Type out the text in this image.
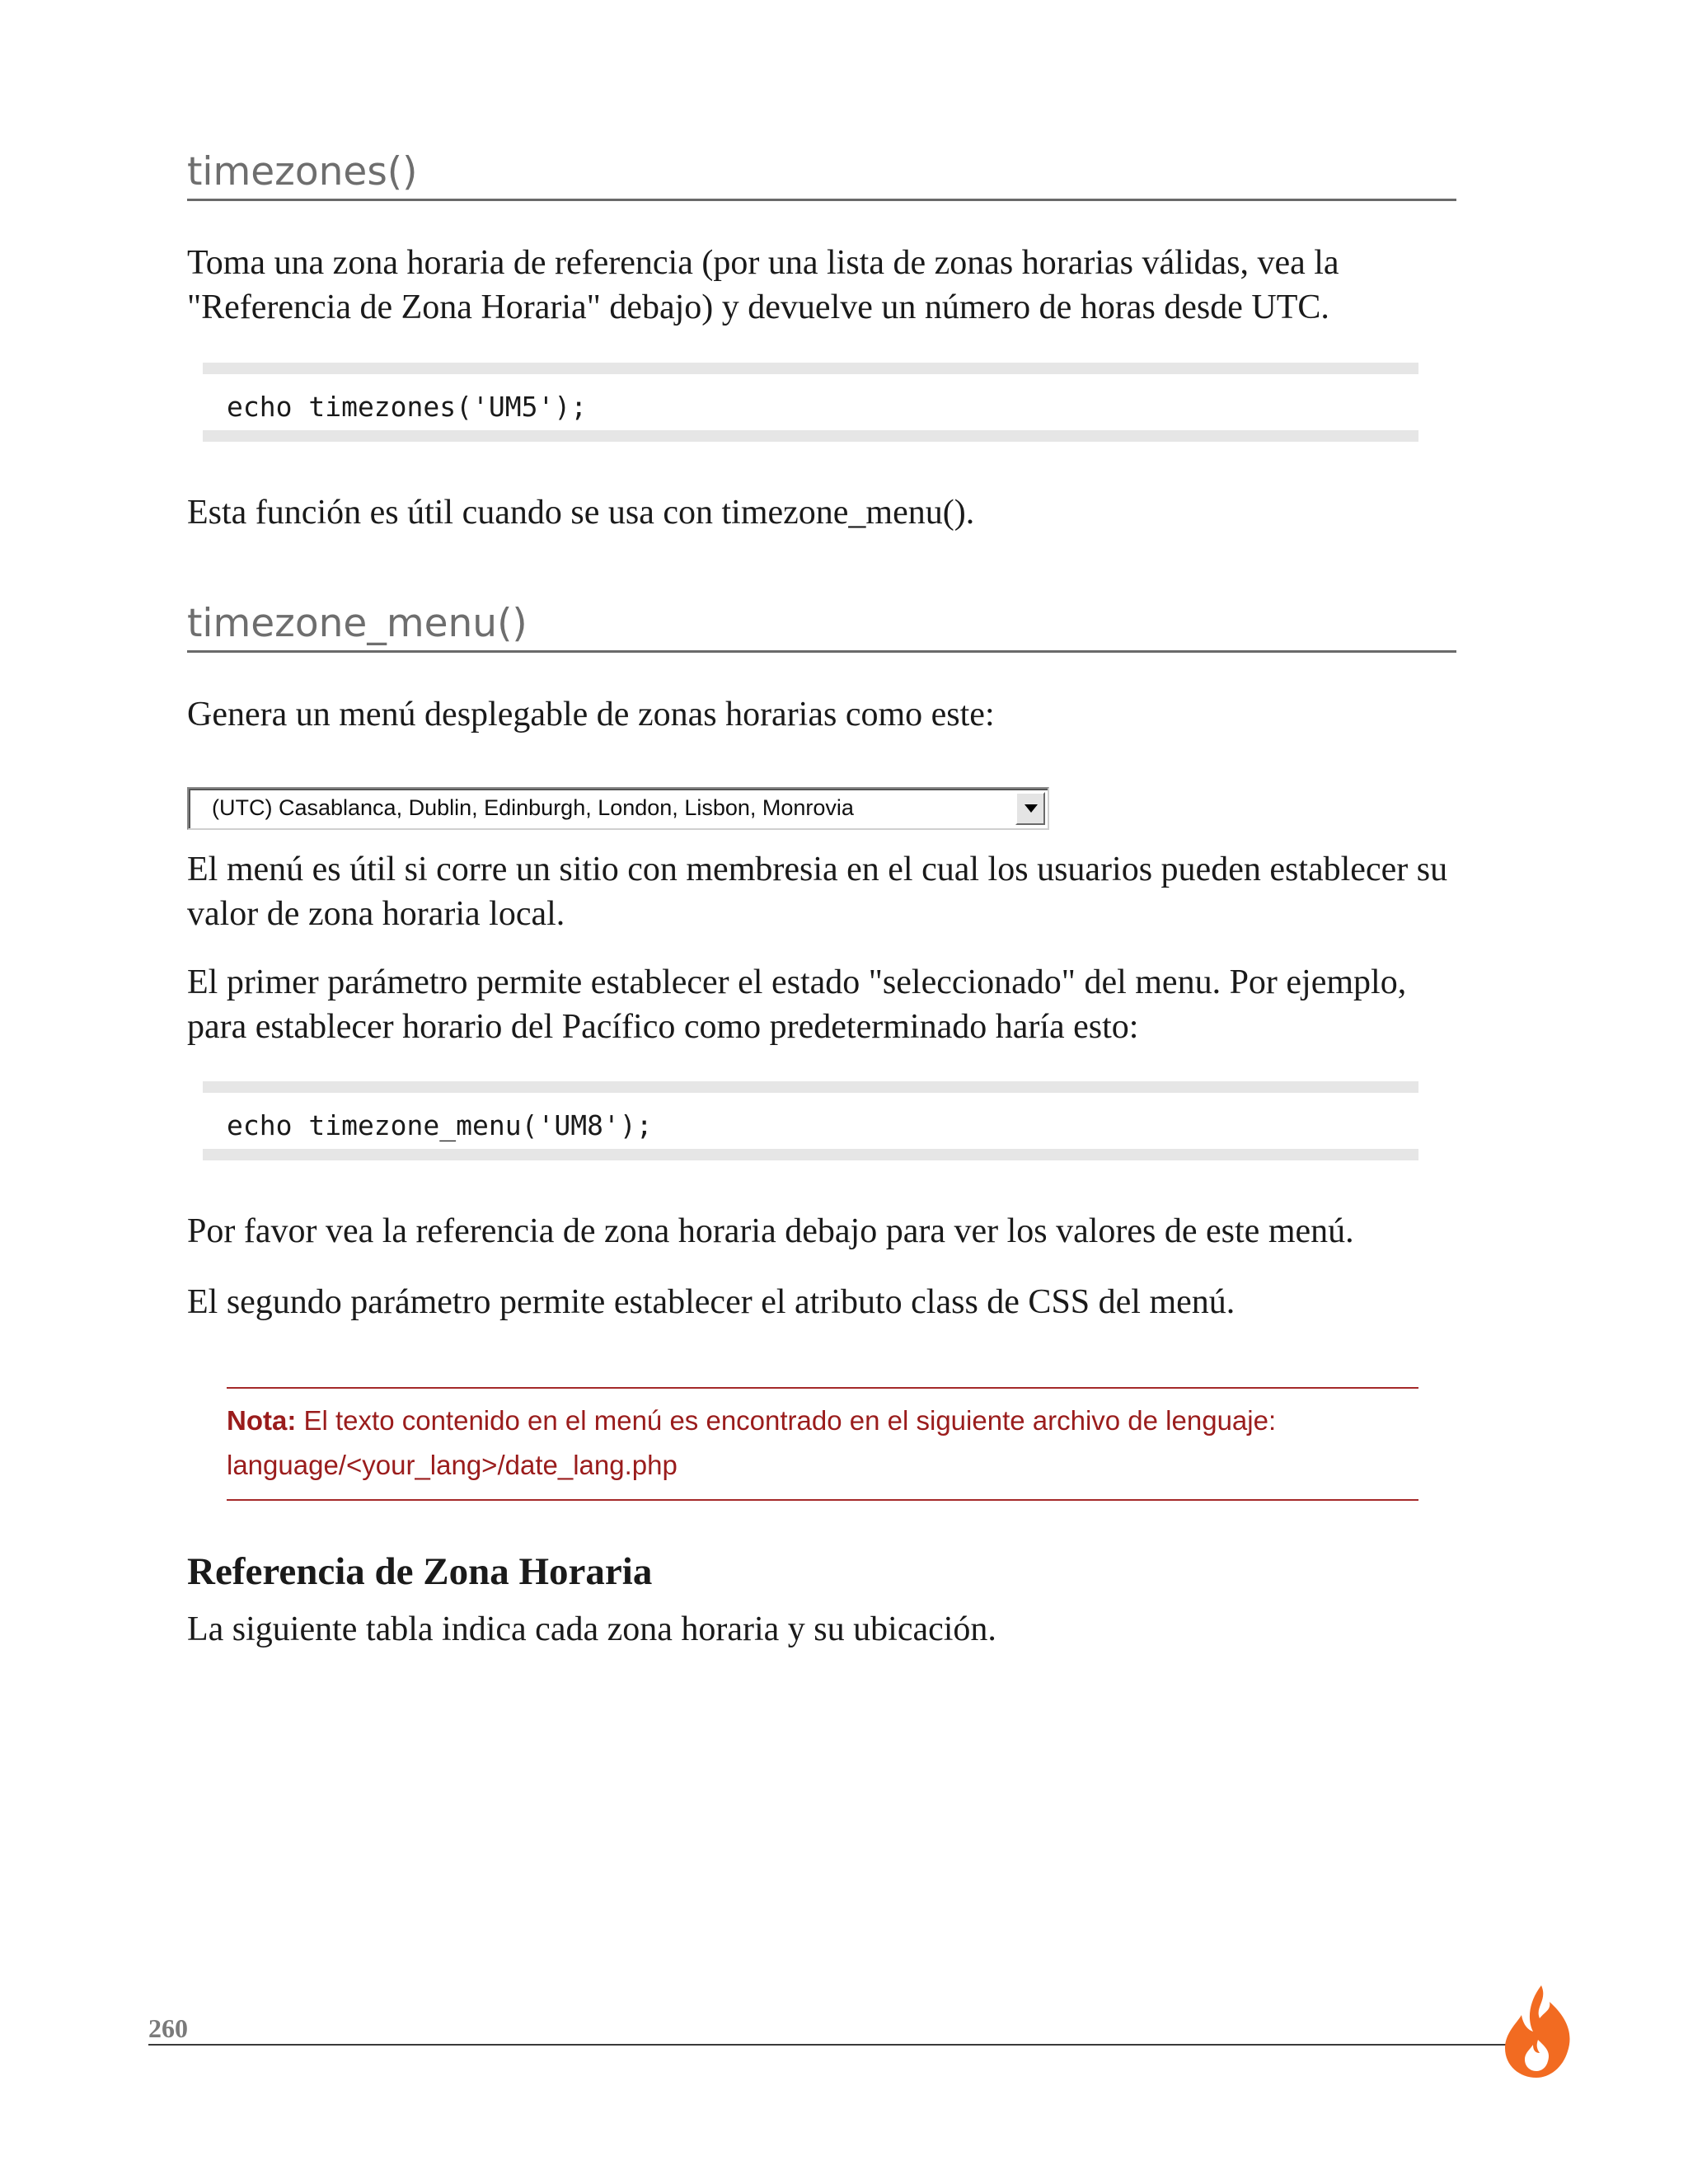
timezones()

Toma una zona horaria de referencia (por una lista de zonas horarias válidas, vea la "Referencia de Zona Horaria" debajo) y devuelve un número de horas desde UTC.

echo timezones('UM5');

Esta función es útil cuando se usa con timezone_menu().

timezone_menu()

Genera un menú desplegable de zonas horarias como este:

(UTC) Casablanca, Dublin, Edinburgh, London, Lisbon, Monrovia

El menú es útil si corre un sitio con membresia en el cual los usuarios pueden establecer su valor de zona horaria local.

El primer parámetro permite establecer el estado "seleccionado" del menu. Por ejemplo, para establecer horario del Pacífico como predeterminado haría esto:

echo timezone_menu('UM8');

Por favor vea la referencia de zona horaria debajo para ver los valores de este menú.

El segundo parámetro permite establecer el atributo class de CSS del menú.

Nota: El texto contenido en el menú es encontrado en el siguiente archivo de lenguaje: language/<your_lang>/date_lang.php
Referencia de Zona Horaria

La siguiente tabla indica cada zona horaria y su ubicación.

260
